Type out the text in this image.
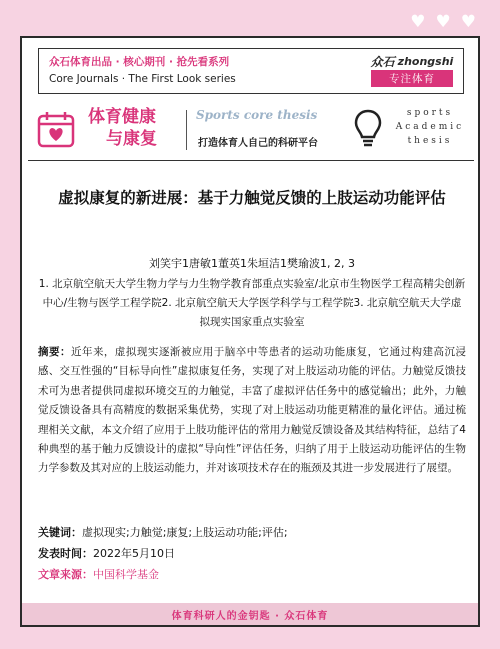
♥ ♥ ♥
众石体育出品 · 核心期刊 · 抢先看系列
Core Journals · The First Look series
众石 zhongshi
专注体育
体育健康
与康复
Sports core thesis
打造体育人自己的科研平台
sports
Academic
thesis
虚拟康复的新进展：基于力触觉反馈的上肢运动功能评估
刘笑宇1唐敏1董英1朱垣洁1樊瑜波1, 2, 3
1. 北京航空航天大学生物力学与力生物学教育部重点实验室/北京市生物医学工程高精尖创新中心/生物与医学工程学院2. 北京航空航天大学医学科学与工程学院3. 北京航空航天大学虚拟现实国家重点实验室
摘要：近年来，虚拟现实逐渐被应用于脑卒中等患者的运动功能康复，它通过构建高沉浸感、交互性强的“目标导向性”虚拟康复任务，实现了对上肢运动功能的评估。力触觉反馈技术可为患者提供同虚拟环境交互的力触觉，丰富了虚拟评估任务中的感觉输出；此外，力触觉反馈设备具有高精度的数据采集优势，实现了对上肢运动功能更精准的量化评估。通过梳理相关文献，本文介绍了应用于上肢功能评估的常用力触觉反馈设备及其结构特征，总结了4种典型的基于触力反馈设计的虚拟“导向性”评估任务，归纳了用于上肢运动功能评估的生物力学参数及其对应的上肢运动能力，并对该项技术存在的瓶颈及其进一步发展进行了展望。
关键词：虚拟现实;力触觉;康复;上肢运动功能;评估;
发表时间：2022年5月10日
文章来源：中国科学基金
体育科研人的金钥匙 · 众石体育
